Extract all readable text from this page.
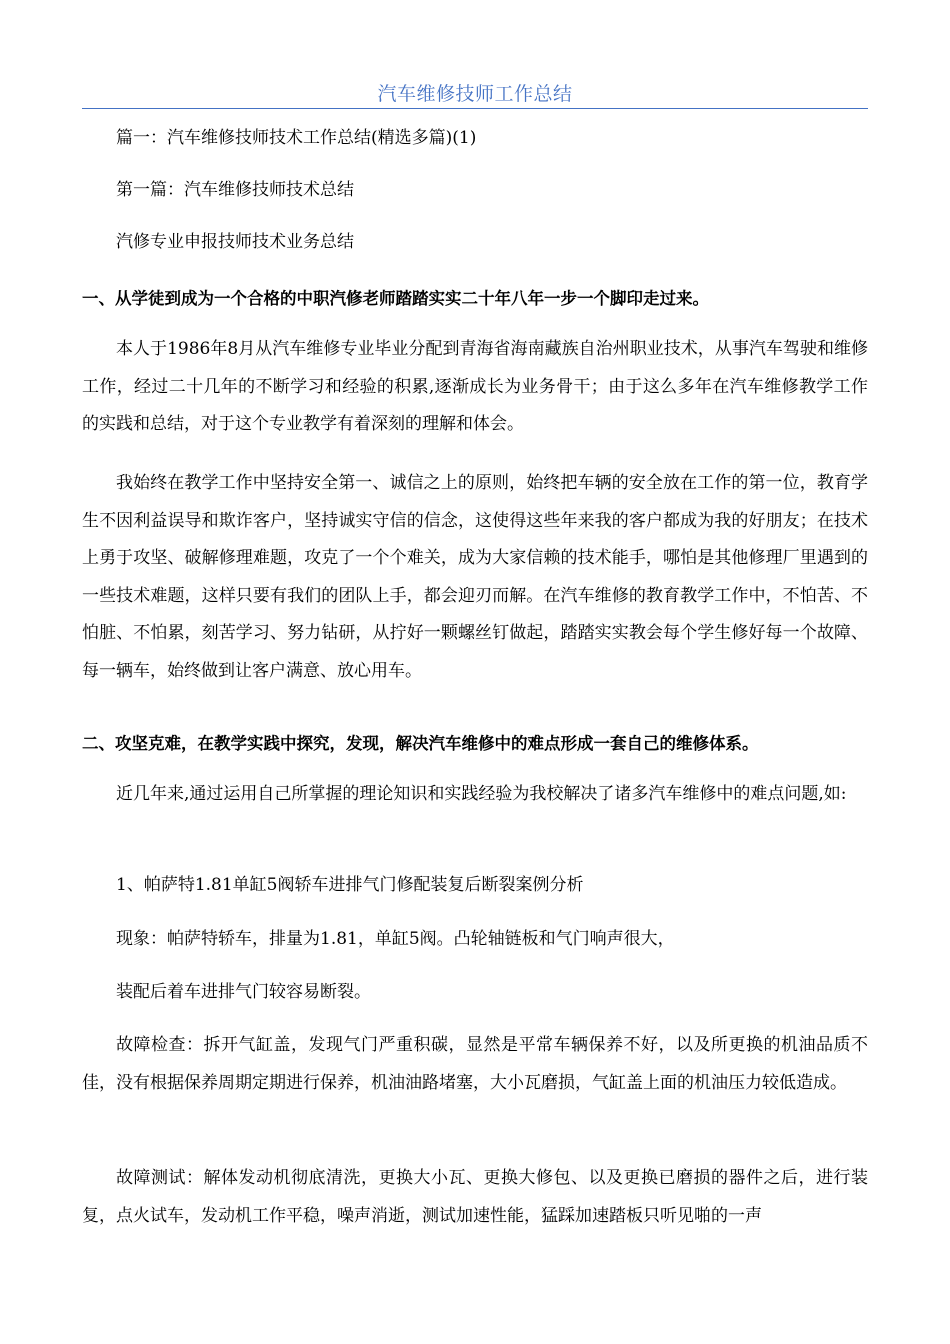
汽车维修技师工作总结

篇一：汽车维修技师技术工作总结(精选多篇)(1)

第一篇：汽车维修技师技术总结

汽修专业申报技师技术业务总结

一、从学徒到成为一个合格的中职汽修老师踏踏实实二十年八年一步一个脚印走过来。

本人于1986年8月从汽车维修专业毕业分配到青海省海南藏族自治州职业技术，从事汽车驾驶和维修工作，经过二十几年的不断学习和经验的积累,逐渐成长为业务骨干；由于这么多年在汽车维修教学工作的实践和总结，对于这个专业教学有着深刻的理解和体会。

我始终在教学工作中坚持安全第一、诚信之上的原则，始终把车辆的安全放在工作的第一位，教育学生不因利益误导和欺诈客户，坚持诚实守信的信念，这使得这些年来我的客户都成为我的好朋友；在技术上勇于攻坚、破解修理难题，攻克了一个个难关，成为大家信赖的技术能手，哪怕是其他修理厂里遇到的一些技术难题，这样只要有我们的团队上手，都会迎刃而解。在汽车维修的教育教学工作中，不怕苦、不怕脏、不怕累，刻苦学习、努力钻研，从拧好一颗螺丝钉做起，踏踏实实教会每个学生修好每一个故障、每一辆车，始终做到让客户满意、放心用车。

二、攻坚克难，在教学实践中探究，发现，解决汽车维修中的难点形成一套自己的维修体系。

近几年来,通过运用自己所掌握的理论知识和实践经验为我校解决了诸多汽车维修中的难点问题,如:

1、帕萨特1.81单缸5阀轿车进排气门修配装复后断裂案例分析

现象：帕萨特轿车，排量为1.81，单缸5阀。凸轮轴链板和气门响声很大，

装配后着车进排气门较容易断裂。

故障检查：拆开气缸盖，发现气门严重积碳，显然是平常车辆保养不好，以及所更换的机油品质不佳，没有根据保养周期定期进行保养，机油油路堵塞，大小瓦磨损，气缸盖上面的机油压力较低造成。

故障测试：解体发动机彻底清洗，更换大小瓦、更换大修包、以及更换已磨损的器件之后，进行装复，点火试车，发动机工作平稳，噪声消逝，测试加速性能，猛踩加速踏板只听见啪的一声
